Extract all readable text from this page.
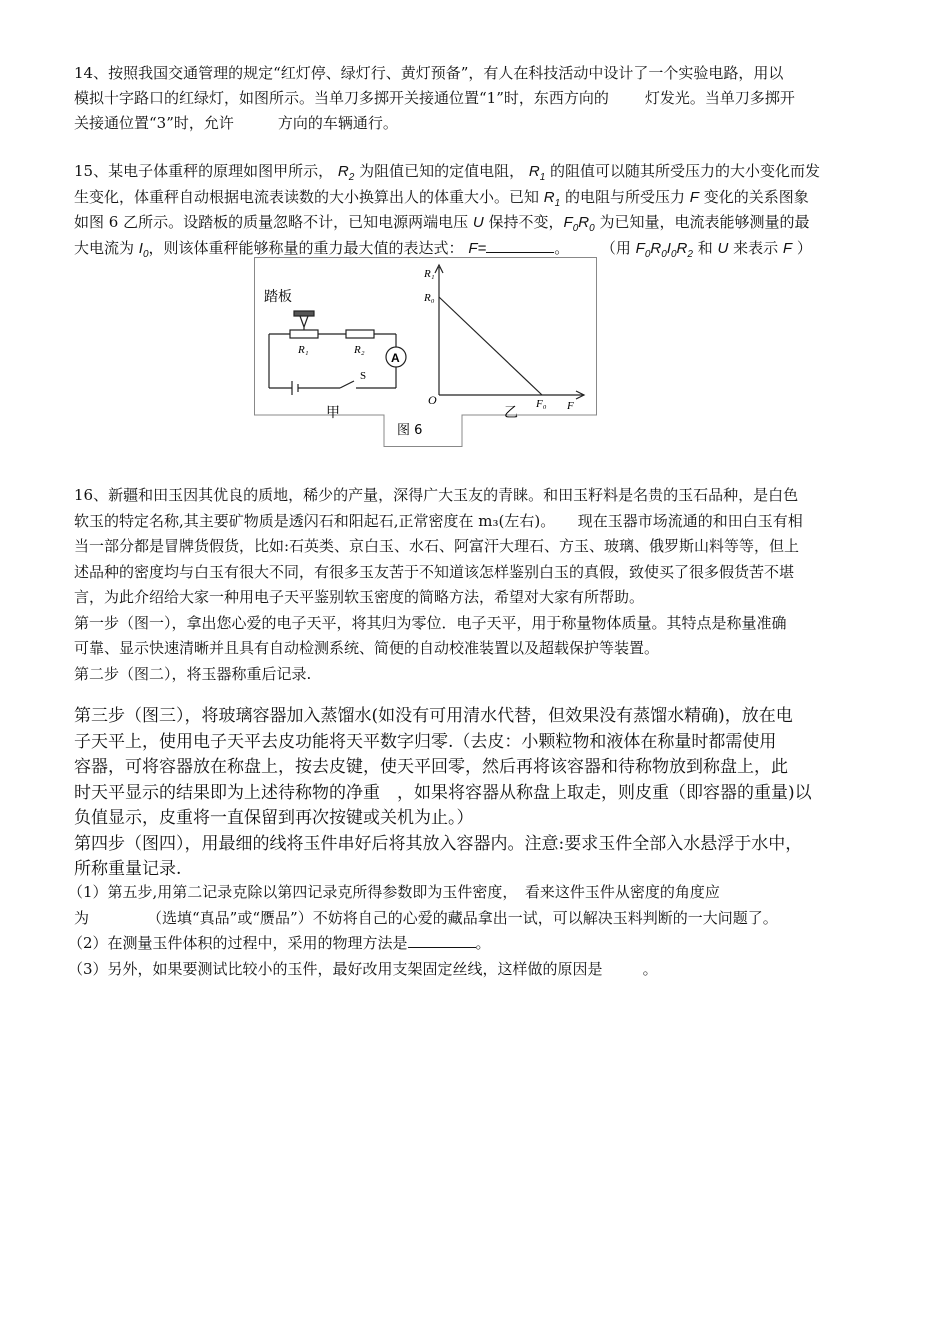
14、按照我国交通管理的规定“红灯停、绿灯行、黄灯预备”，有人在科技活动中设计了一个实验电路，用以
模拟十字路口的红绿灯，如图所示。当单刀多掷开关接通位置“1”时，东西方向的 灯发光。当单刀多掷开
关接通位置“3”时，允许	方向的车辆通行。
15、某电子体重秤的原理如图甲所示， $R_2$ 为阻值已知的定值电阻， $R_1$ 的阻值可以随其所受压力的大小变化而发
生变化，体重秤自动根据电流表读数的大小换算出人的体重大小。已知 $R_1$ 的电阻与所受压力 F 变化的关系图象
如图 6 乙所示。设踏板的质量忽略不计，已知电源两端电压 U 保持不变，$F_0R_0$ 为已知量，电流表能够测量的最
大电流为 $I_0$，则该体重秤能够称量的重力最大值的表达式： F=	。 （用 $F_0R_0I_0R_2$ 和 U 来表示 F ）
踏板
R₁	R₂
A
S
甲
图 6
R₁
R₀
O
乙
F₀ F
16、新疆和田玉因其优良的质地，稀少的产量，深得广大玉友的青睐。和田玉籽料是名贵的玉石品种，是白色
软玉的特定名称,其主要矿物质是透闪石和阳起石,正常密度在 m₃(左右)。　　现在玉器市场流通的和田白玉有相
当一部分都是冒牌货假货，比如:石英类、京白玉、水石、阿富汗大理石、方玉、玻璃、俄罗斯山料等等，但上
述品种的密度均与白玉有很大不同，有很多玉友苦于不知道该怎样鉴别白玉的真假，致使买了很多假货苦不堪
言，为此介绍给大家一种用电子天平鉴别软玉密度的简略方法，希望对大家有所帮助。
第一步（图一），拿出您心爱的电子天平，将其归为零位．电子天平，用于称量物体质量。其特点是称量准确
可靠、显示快速清晰并且具有自动检测系统、简便的自动校准装置以及超载保护等装置。
第二步（图二），将玉器称重后记录.
第三步（图三），将玻璃容器加入蒸馏水(如没有可用清水代替，但效果没有蒸馏水精确)，放在电
子天平上，使用电子天平去皮功能将天平数字归零.（去皮：小颗粒物和液体在称量时都需使用
容器，可将容器放在称盘上，按去皮键，使天平回零，然后再将该容器和待称物放到称盘上，此
时天平显示的结果即为上述待称物的净重　，如果将容器从称盘上取走，则皮重（即容器的重量)以
负值显示，皮重将一直保留到再次按键或关机为止。）
第四步（图四），用最细的线将玉件串好后将其放入容器内。注意:要求玉件全部入水悬浮于水中，
所称重量记录.
（1）第五步,用第二记录克除以第四记录克所得参数即为玉件密度，　看来这件玉件从密度的角度应
为	（选填“真品”或“赝品”）不妨将自己的心爱的藏品拿出一试，可以解决玉料判断的一大问题了。
（2）在测量玉件体积的过程中，采用的物理方法是	。
（3）另外，如果要测试比较小的玉件，最好改用支架固定丝线，这样做的原因是	。
